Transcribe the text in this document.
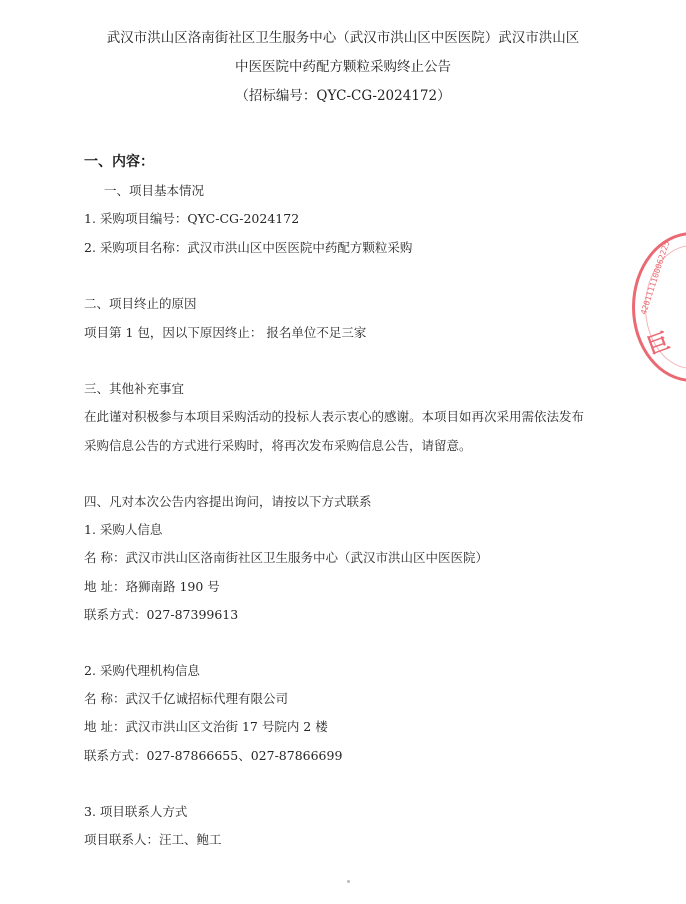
武汉市洪山区洛南街社区卫生服务中心（武汉市洪山区中医医院）武汉市洪山区
中医医院中药配方颗粒采购终止公告
（招标编号：QYC-CG-2024172）
一、内容：
一、项目基本情况
1. 采购项目编号：QYC-CG-2024172
2. 采购项目名称：武汉市洪山区中医医院中药配方颗粒采购
二、项目终止的原因
项目第 1 包，因以下原因终止： 报名单位不足三家
三、其他补充事宜
在此谨对积极参与本项目采购活动的投标人表示衷心的感谢。本项目如再次采用需依法发布
采购信息公告的方式进行采购时，将再次发布采购信息公告，请留意。
四、凡对本次公告内容提出询问，请按以下方式联系
1. 采购人信息
名 称：武汉市洪山区洛南街社区卫生服务中心（武汉市洪山区中医医院）
地 址：珞狮南路 190 号
联系方式：027-87399613
2. 采购代理机构信息
名 称：武汉千亿诚招标代理有限公司
地 址：武汉市洪山区文治街 17 号院内 2 楼
联系方式：027-87866655、027-87866699
3. 项目联系人方式
项目联系人：汪工、鲍工
4201111100062225
巨
